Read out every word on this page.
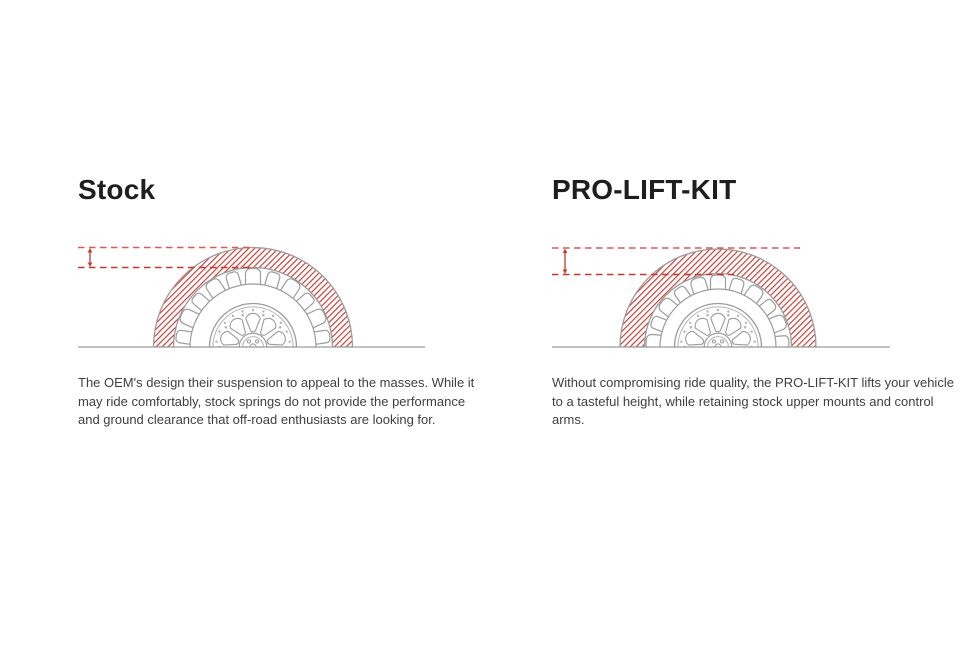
Stock

The OEM's design their suspension to appeal to the masses. While it
may ride comfortably, stock springs do not provide the performance
and ground clearance that off-road enthusiasts are looking for.

PRO-LIFT-KIT

Without compromising ride quality, the PRO-LIFT-KIT lifts your vehicle
to a tasteful height, while retaining stock upper mounts and control
arms.
